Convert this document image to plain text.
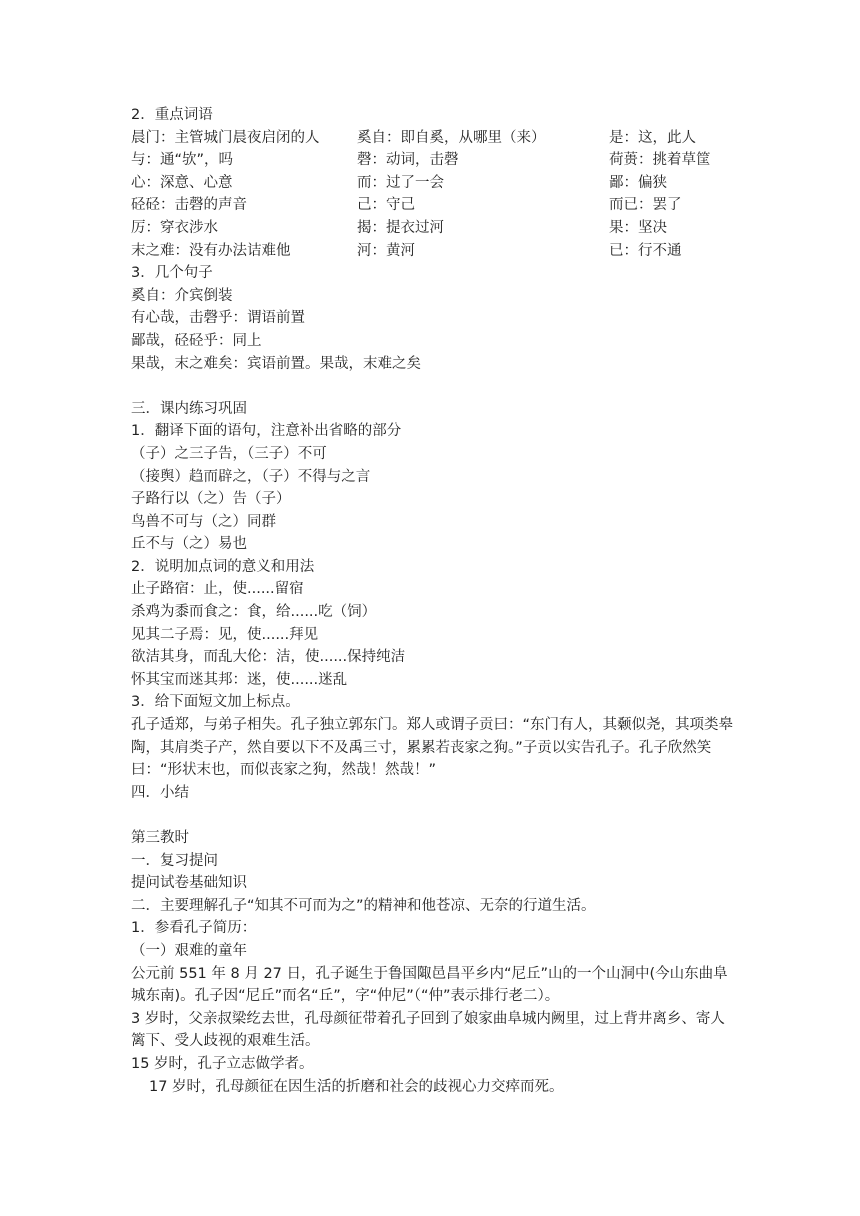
2．重点词语
晨门：主管城门晨夜启闭的人	奚自：即自奚，从哪里（来）	是：这，此人
与：通“欤”，吗	磬：动词，击磬	荷蒉：挑着草筐
心：深意、心意	而：过了一会	鄙：偏狭
硁硁：击磬的声音	己：守己	而已：罢了
厉：穿衣涉水	揭：提衣过河	果：坚决
末之难：没有办法诘难他	河：黄河	已：行不通
3．几个句子
奚自：介宾倒装
有心哉，击磬乎：谓语前置
鄙哉，硁硁乎：同上
果哉，末之难矣：宾语前置。果哉，末难之矣
三．课内练习巩固
1．翻译下面的语句，注意补出省略的部分
（子）之三子告，（三子）不可
（接舆）趋而辟之，（子）不得与之言
子路行以（之）告（子）
鸟兽不可与（之）同群
丘不与（之）易也
2．说明加点词的意义和用法
止子路宿：止，使......留宿
杀鸡为黍而食之：食，给......吃（饲）
见其二子焉：见，使......拜见
欲洁其身，而乱大伦：洁，使......保持纯洁
怀其宝而迷其邦：迷，使......迷乱
3．给下面短文加上标点。
孔子适郑，与弟子相失。孔子独立郭东门。郑人或谓子贡曰：“东门有人，其颡似尧，其项类皋陶，其肩类子产，然自要以下不及禹三寸，累累若丧家之狗。”子贡以实告孔子。孔子欣然笑曰：“形状末也，而似丧家之狗，然哉！然哉！”
四．小结
第三教时
一．复习提问
提问试卷基础知识
二．主要理解孔子“知其不可而为之”的精神和他苍凉、无奈的行道生活。
1．参看孔子简历：
（一）艰难的童年
公元前 551 年 8 月 27 日，孔子诞生于鲁国陬邑昌平乡内“尼丘”山的一个山洞中(今山东曲阜城东南)。孔子因“尼丘”而名“丘”，字“仲尼”（“仲”表示排行老二）。
3 岁时，父亲叔梁纥去世，孔母颜征带着孔子回到了娘家曲阜城内阙里，过上背井离乡、寄人篱下、受人歧视的艰难生活。
15 岁时，孔子立志做学者。
17 岁时，孔母颜征在因生活的折磨和社会的歧视心力交瘁而死。
